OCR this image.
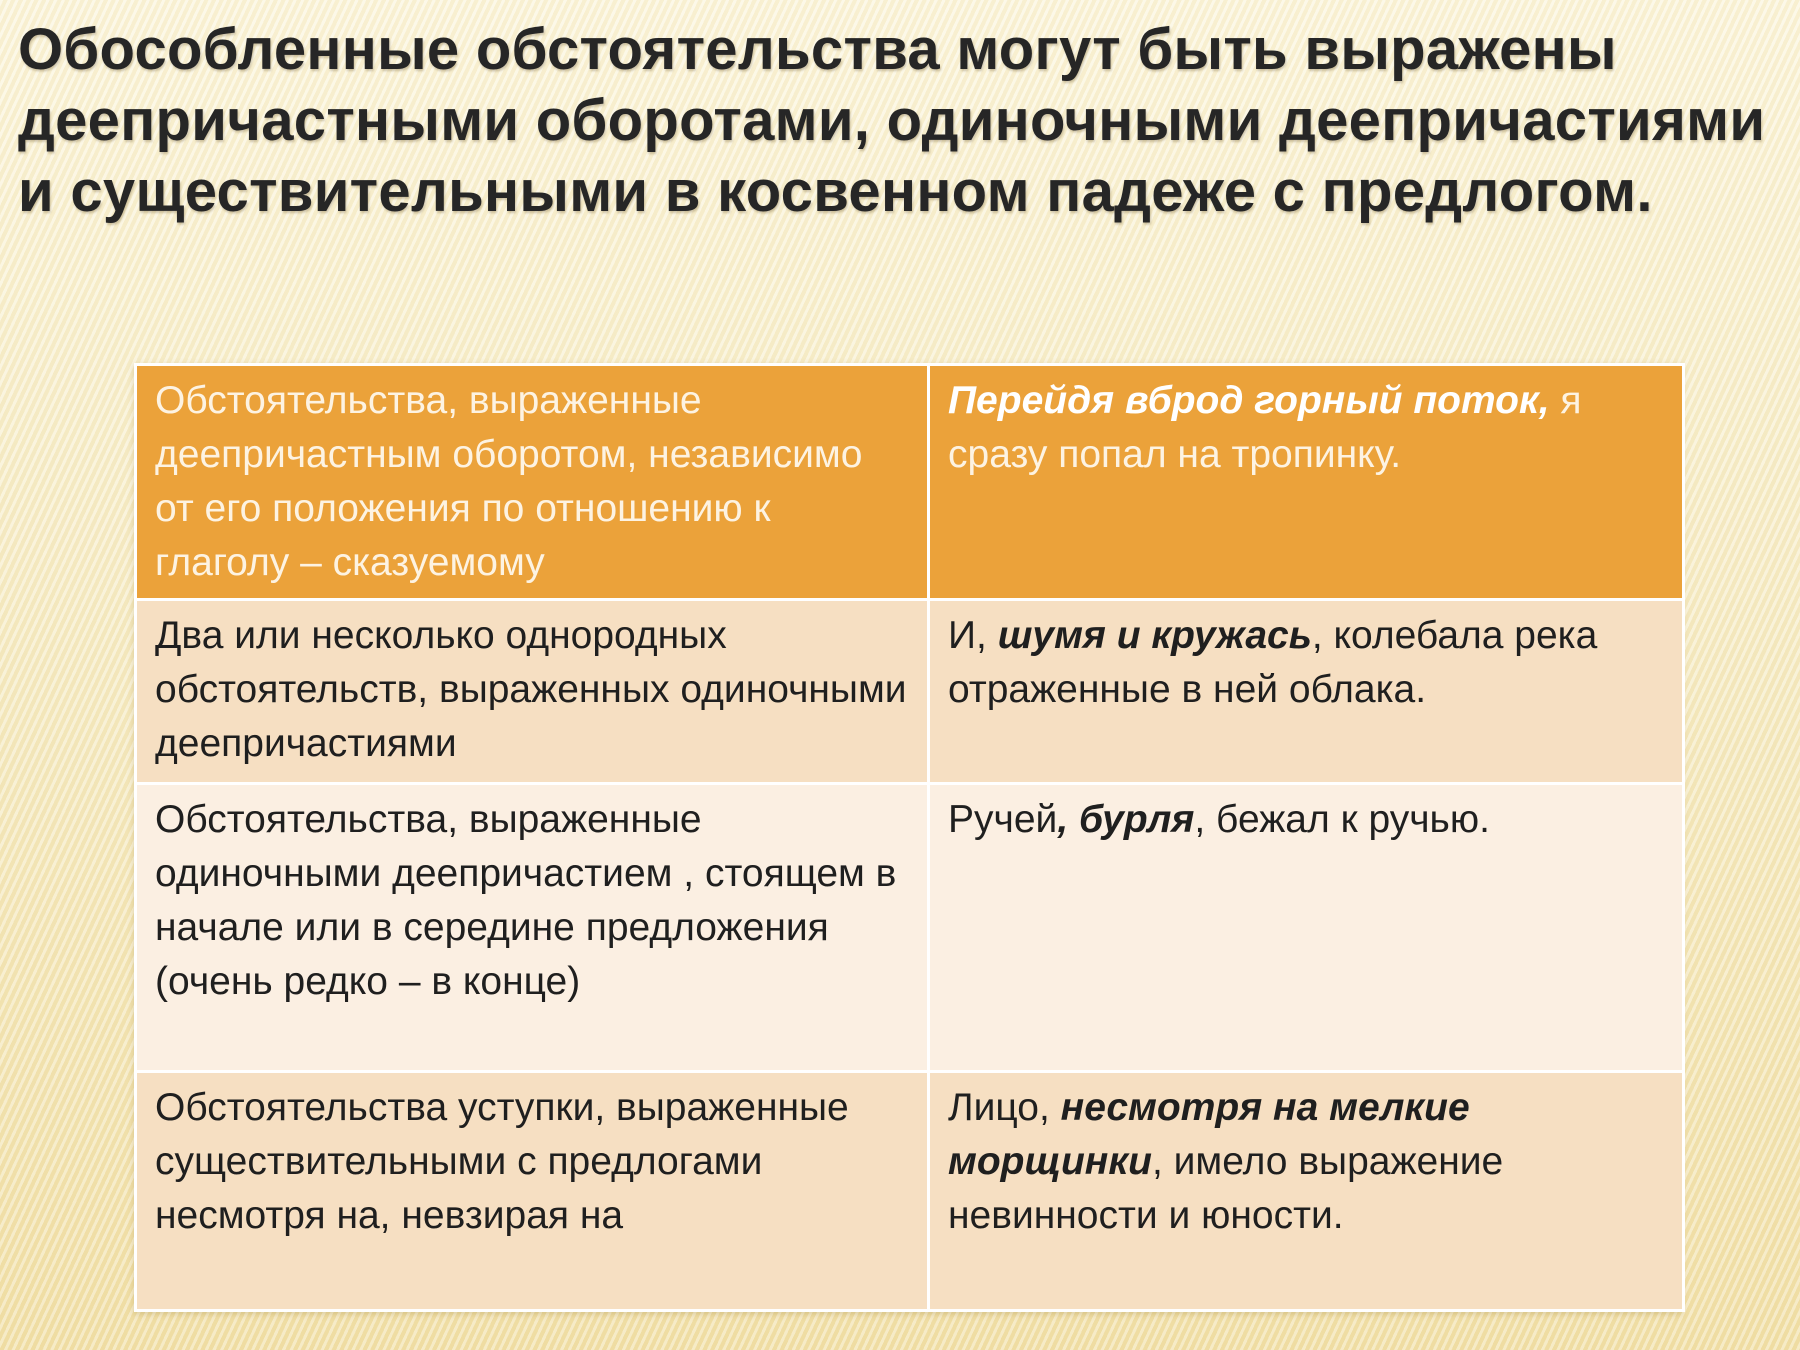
Обособленные обстоятельства могут быть выражены деепричастными оборотами, одиночными деепричастиями и существительными в косвенном падеже с предлогом.
Обстоятельства, выраженные деепричастным оборотом, независимо от его положения по отношению к глаголу – сказуемому	Перейдя вброд горный поток, я сразу попал на тропинку.
Два или несколько однородных обстоятельств, выраженных одиночными деепричастиями	И, шумя и кружась, колебала река отраженные в ней облака.
Обстоятельства, выраженные одиночными деепричастием , стоящем в начале или в середине предложения (очень редко – в конце)	Ручей, бурля, бежал к ручью.
Обстоятельства уступки, выраженные существительными с предлогами несмотря на, невзирая на	Лицо, несмотря на мелкие морщинки, имело выражение невинности и юности.
